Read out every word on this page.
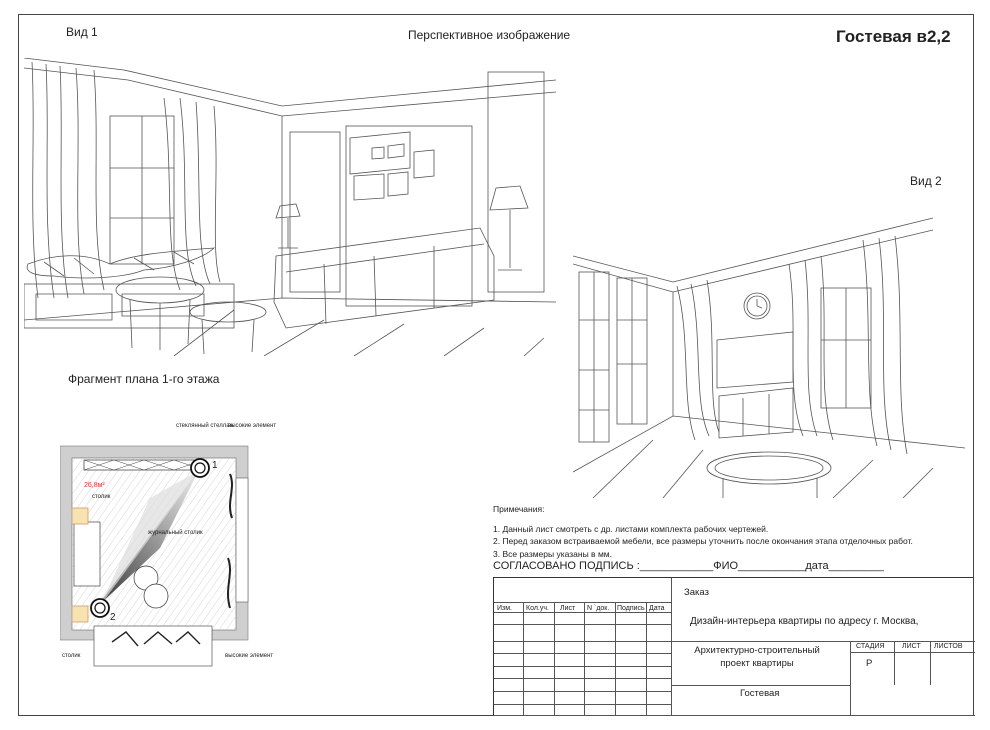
Вид 1	Перспективное изображение	Гостевая в2,2
Вид 2
Фрагмент плана 1-го этажа
стеклянный стеллаж
высокие элемент
26,8м²
столик
журнальный столик
столик	высокие элемент
1
2
Примечания:
1. Данный лист смотреть с др. листами комплекта рабочих чертежей.
2. Перед заказом встраиваемой мебели, все размеры уточнить после окончания этапа отделочных работ.
3. Все размеры указаны в мм.
СОГЛАСОВАНО ПОДПИСЬ :____________ФИО___________дата_________
Изм. Кол.уч. Лист N `док. Подпись Дата
Заказ
Дизайн-интерьера квартиры по адресу г. Москва,
Архитектурно-строительный проект квартиры
СТАДИЯ ЛИСТ ЛИСТОВ
Р
Гостевая
